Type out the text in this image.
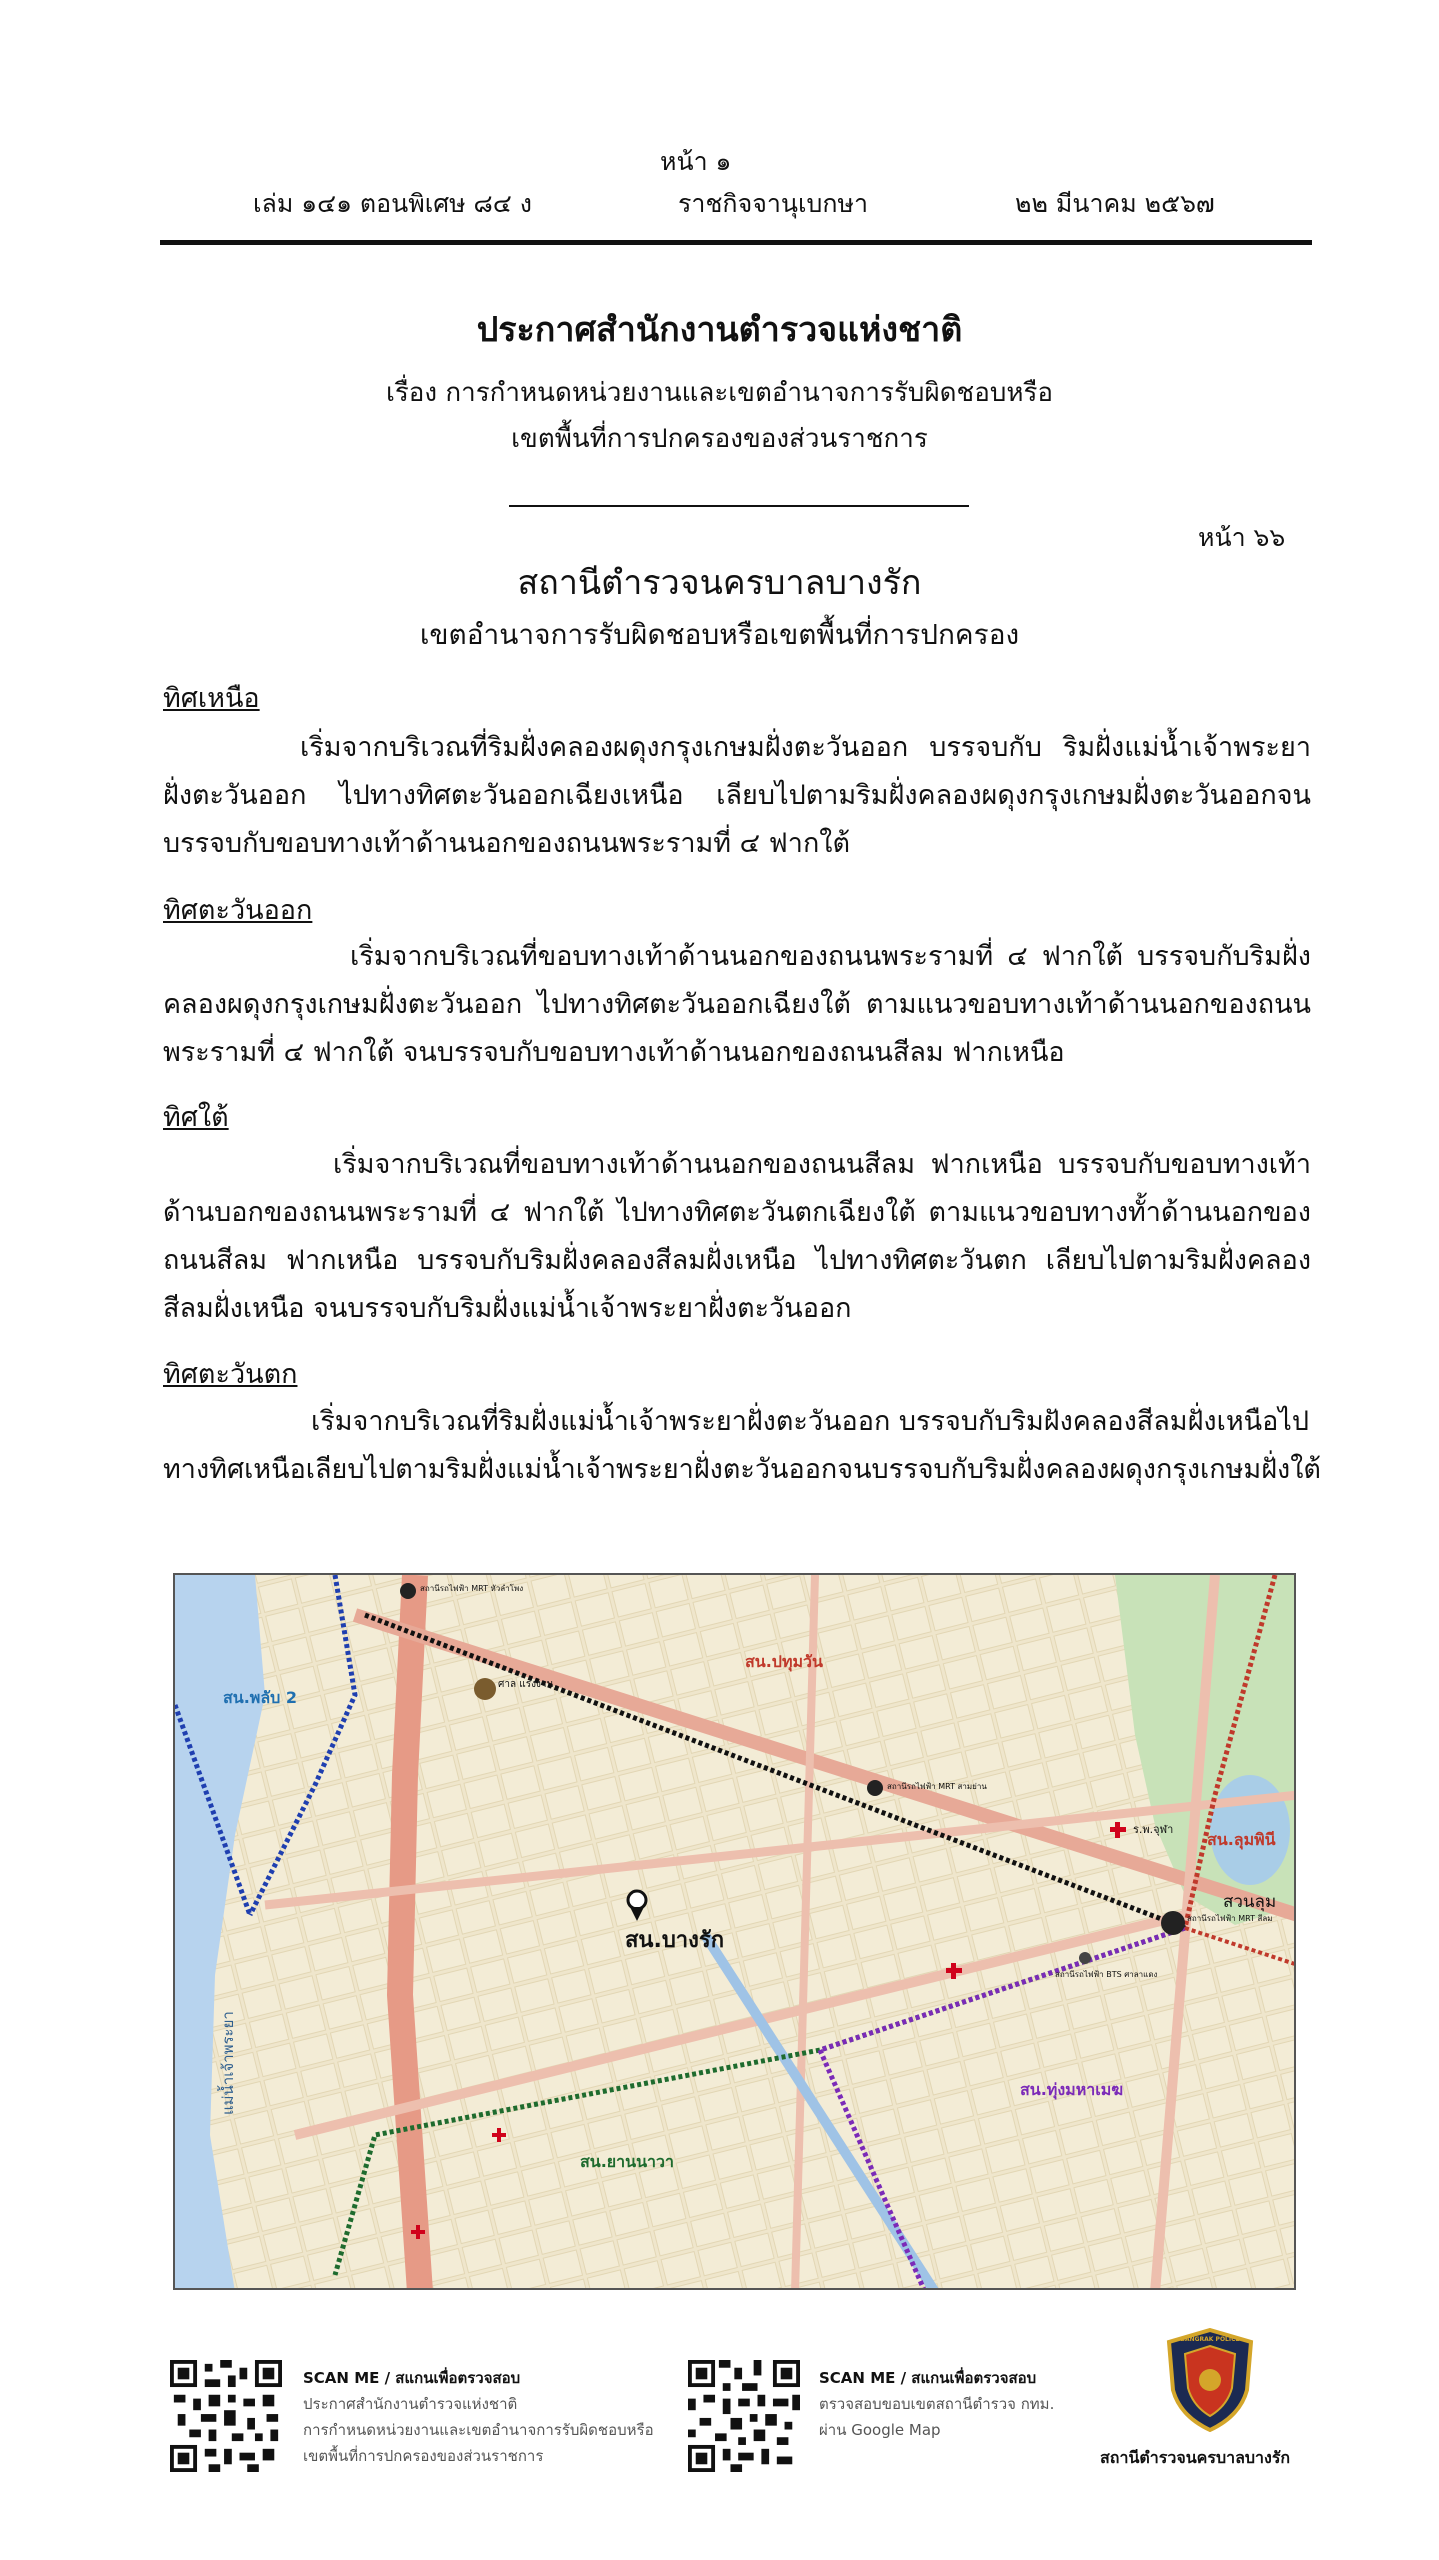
หน้า ๑
เล่ม ๑๔๑ ตอนพิเศษ ๘๔ ง	ราชกิจจานุเบกษา	๒๒ มีนาคม ๒๕๖๗
ประกาศสำนักงานตำรวจแห่งชาติ
เรื่อง การกำหนดหน่วยงานและเขตอำนาจการรับผิดชอบหรือ
เขตพื้นที่การปกครองของส่วนราชการ
หน้า ๖๖
สถานีตำรวจนครบาลบางรัก
เขตอำนาจการรับผิดชอบหรือเขตพื้นที่การปกครอง
ทิศเหนือ
เริ่มจากบริเวณที่ริมฝั่งคลองผดุงกรุงเกษมฝั่งตะวันออก บรรจบกับ ริมฝั่งแม่น้ำเจ้าพระยาฝั่งตะวันออก ไปทางทิศตะวันออกเฉียงเหนือ เลียบไปตามริมฝั่งคลองผดุงกรุงเกษมฝั่งตะวันออกจนบรรจบกับขอบทางเท้าด้านนอกของถนนพระรามที่ ๔ ฟากใต้
ทิศตะวันออก
เริ่มจากบริเวณที่ขอบทางเท้าด้านนอกของถนนพระรามที่ ๔ ฟากใต้ บรรจบกับริมฝั่งคลองผดุงกรุงเกษมฝั่งตะวันออก ไปทางทิศตะวันออกเฉียงใต้ ตามแนวขอบทางเท้าด้านนอกของถนนพระรามที่ ๔ ฟากใต้ จนบรรจบกับขอบทางเท้าด้านนอกของถนนสีลม ฟากเหนือ
ทิศใต้
เริ่มจากบริเวณที่ขอบทางเท้าด้านนอกของถนนสีลม ฟากเหนือ บรรจบกับขอบทางเท้าด้านบอกของถนนพระรามที่ ๔ ฟากใต้ ไปทางทิศตะวันตกเฉียงใต้ ตามแนวขอบทางทั้าด้านนอกของถนนสีลม ฟากเหนือ บรรจบกับริมฝั่งคลองสีลมฝั่งเหนือ ไปทางทิศตะวันตก เลียบไปตามริมฝั่งคลองสีลมฝั่งเหนือ จนบรรจบกับริมฝั่งแม่น้ำเจ้าพระยาฝั่งตะวันออก
ทิศตะวันตก
เริ่มจากบริเวณที่ริมฝั่งแม่น้ำเจ้าพระยาฝั่งตะวันออก บรรจบกับริมฝังคลองสีลมฝั่งเหนือไปทางทิศเหนือเลียบไปตามริมฝั่งแม่น้ำเจ้าพระยาฝั่งตะวันออกจนบรรจบกับริมฝั่งคลองผดุงกรุงเกษมฝั่งใต้
สน.บางรัก
สน.ปทุมวัน
สน.พลับ 2
สน.ลุมพินี
สวนลุม
สน.ทุ่งมหาเมฆ
สน.ยานนาวา
แม่น้ำเจ้าพระยา
ร.พ.จุฬา
ศาล แรงงาน
สถานีรถไฟฟ้า MRT หัวลำโพง
สถานีรถไฟฟ้า MRT สามย่าน
สถานีรถไฟฟ้า BTS ศาลาแดง
สถานีรถไฟฟ้า MRT สีลม
SCAN ME / สแกนเพื่อตรวจสอบ
ประกาศสำนักงานตำรวจแห่งชาติ
การกำหนดหน่วยงานและเขตอำนาจการรับผิดชอบหรือ
เขตพื้นที่การปกครองของส่วนราชการ
SCAN ME / สแกนเพื่อตรวจสอบ
ตรวจสอบขอบเขตสถานีตำรวจ กทม.
ผ่าน Google Map
BANGRAK POLICE
สถานีตำรวจนครบาลบางรัก
